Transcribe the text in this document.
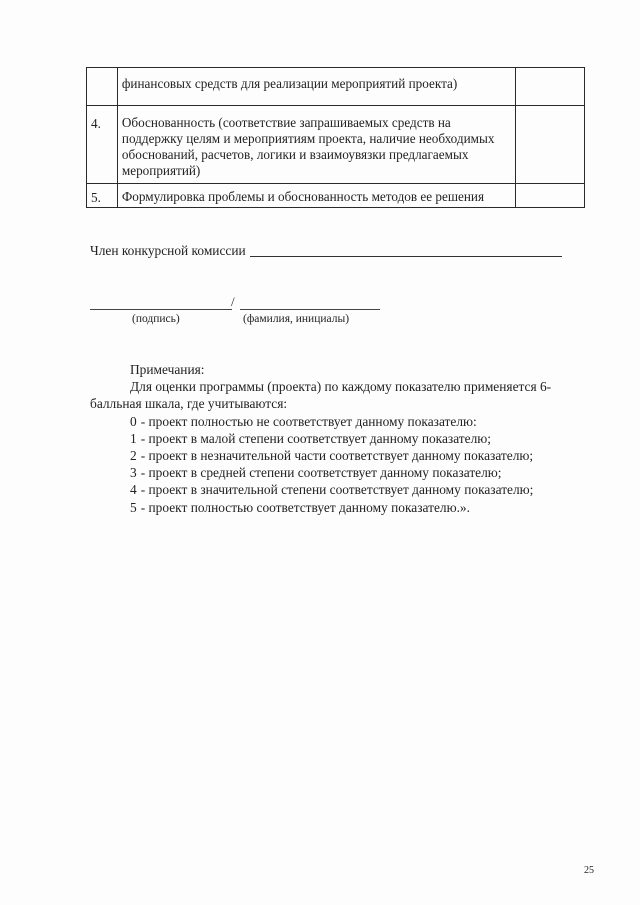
	финансовых средств для реализации мероприятий проекта)	
4.	Обоснованность (соответствие запрашиваемых средств на поддержку целям и мероприятиям проекта, наличие необходимых обоснований, расчетов, логики и взаимоувязки предлагаемых мероприятий)	
5.	Формулировка проблемы и обоснованность методов ее решения	
Член конкурсной комиссии
/
(подпись)	(фамилия, инициалы)

Примечания:

Для оценки программы (проекта) по каждому показателю применяется 6-балльная шкала, где учитываются:

0 - проект полностью не соответствует данному показателю:
1 - проект в малой степени соответствует данному показателю;
2 - проект в незначительной части соответствует данному показателю;
3 - проект в средней степени соответствует данному показателю;
4 - проект в значительной степени соответствует данному показателю;
5 - проект полностью соответствует данному показателю.».
25
